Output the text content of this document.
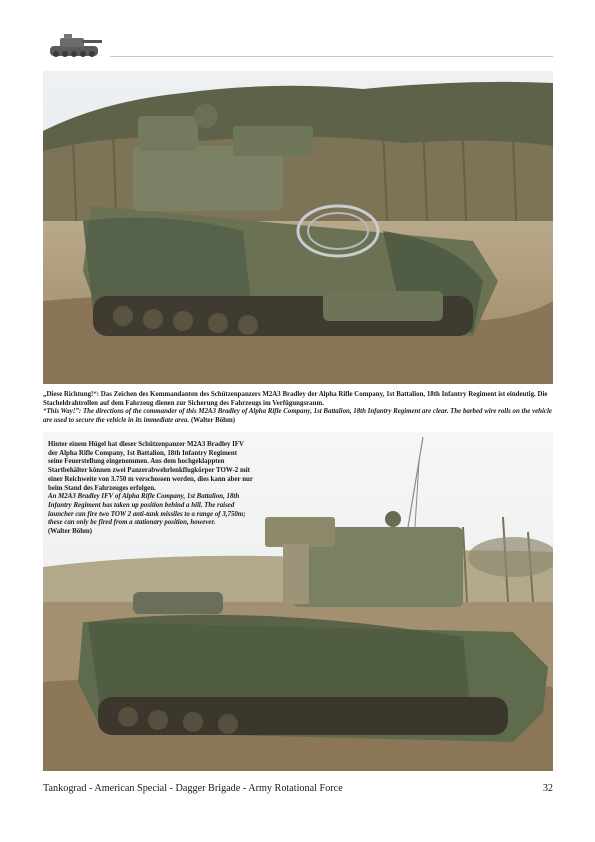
„Diese Richtung!“: Das Zeichen des Kommandanten des Schützenpanzers M2A3 Bradley der Alpha Rifle Company, 1st Battalion, 18th Infantry Regiment ist eindeutig. Die Stacheldrahtrollen auf dem Fahrzeug dienen zur Sicherung des Fahrzeugs im Verfügungsraum.
“This Way!”: The directions of the commander of this M2A3 Bradley of Alpha Rifle Company, 1st Battalion, 18th Infantry Regiment are clear. The barbed wire rolls on the vehicle are used to secure the vehicle in its immediate area. (Walter Böhm)
Hinter einem Hügel hat dieser Schützenpanzer M2A3 Bradley IFV der Alpha Rifle Company, 1st Battalion, 18th Infantry Regiment seine Feuerstellung eingenommen. Aus dem hochgeklappten Startbehälter können zwei Panzerabwehrlenkflugkörper TOW-2 mit einer Reichweite von 3.750 m verschossen werden, dies kann aber nur beim Stand des Fahrzeuges erfolgen.
An M2A3 Bradley IFV of Alpha Rifle Company, 1st Battalion, 18th Infantry Regiment has taken up position behind a hill. The raised launcher can fire two TOW 2 anti-tank missiles to a range of 3,750m; these can only be fired from a stationary position, however.
(Walter Böhm)
Tankograd - American Special - Dagger Brigade - Army Rotational Force	32
